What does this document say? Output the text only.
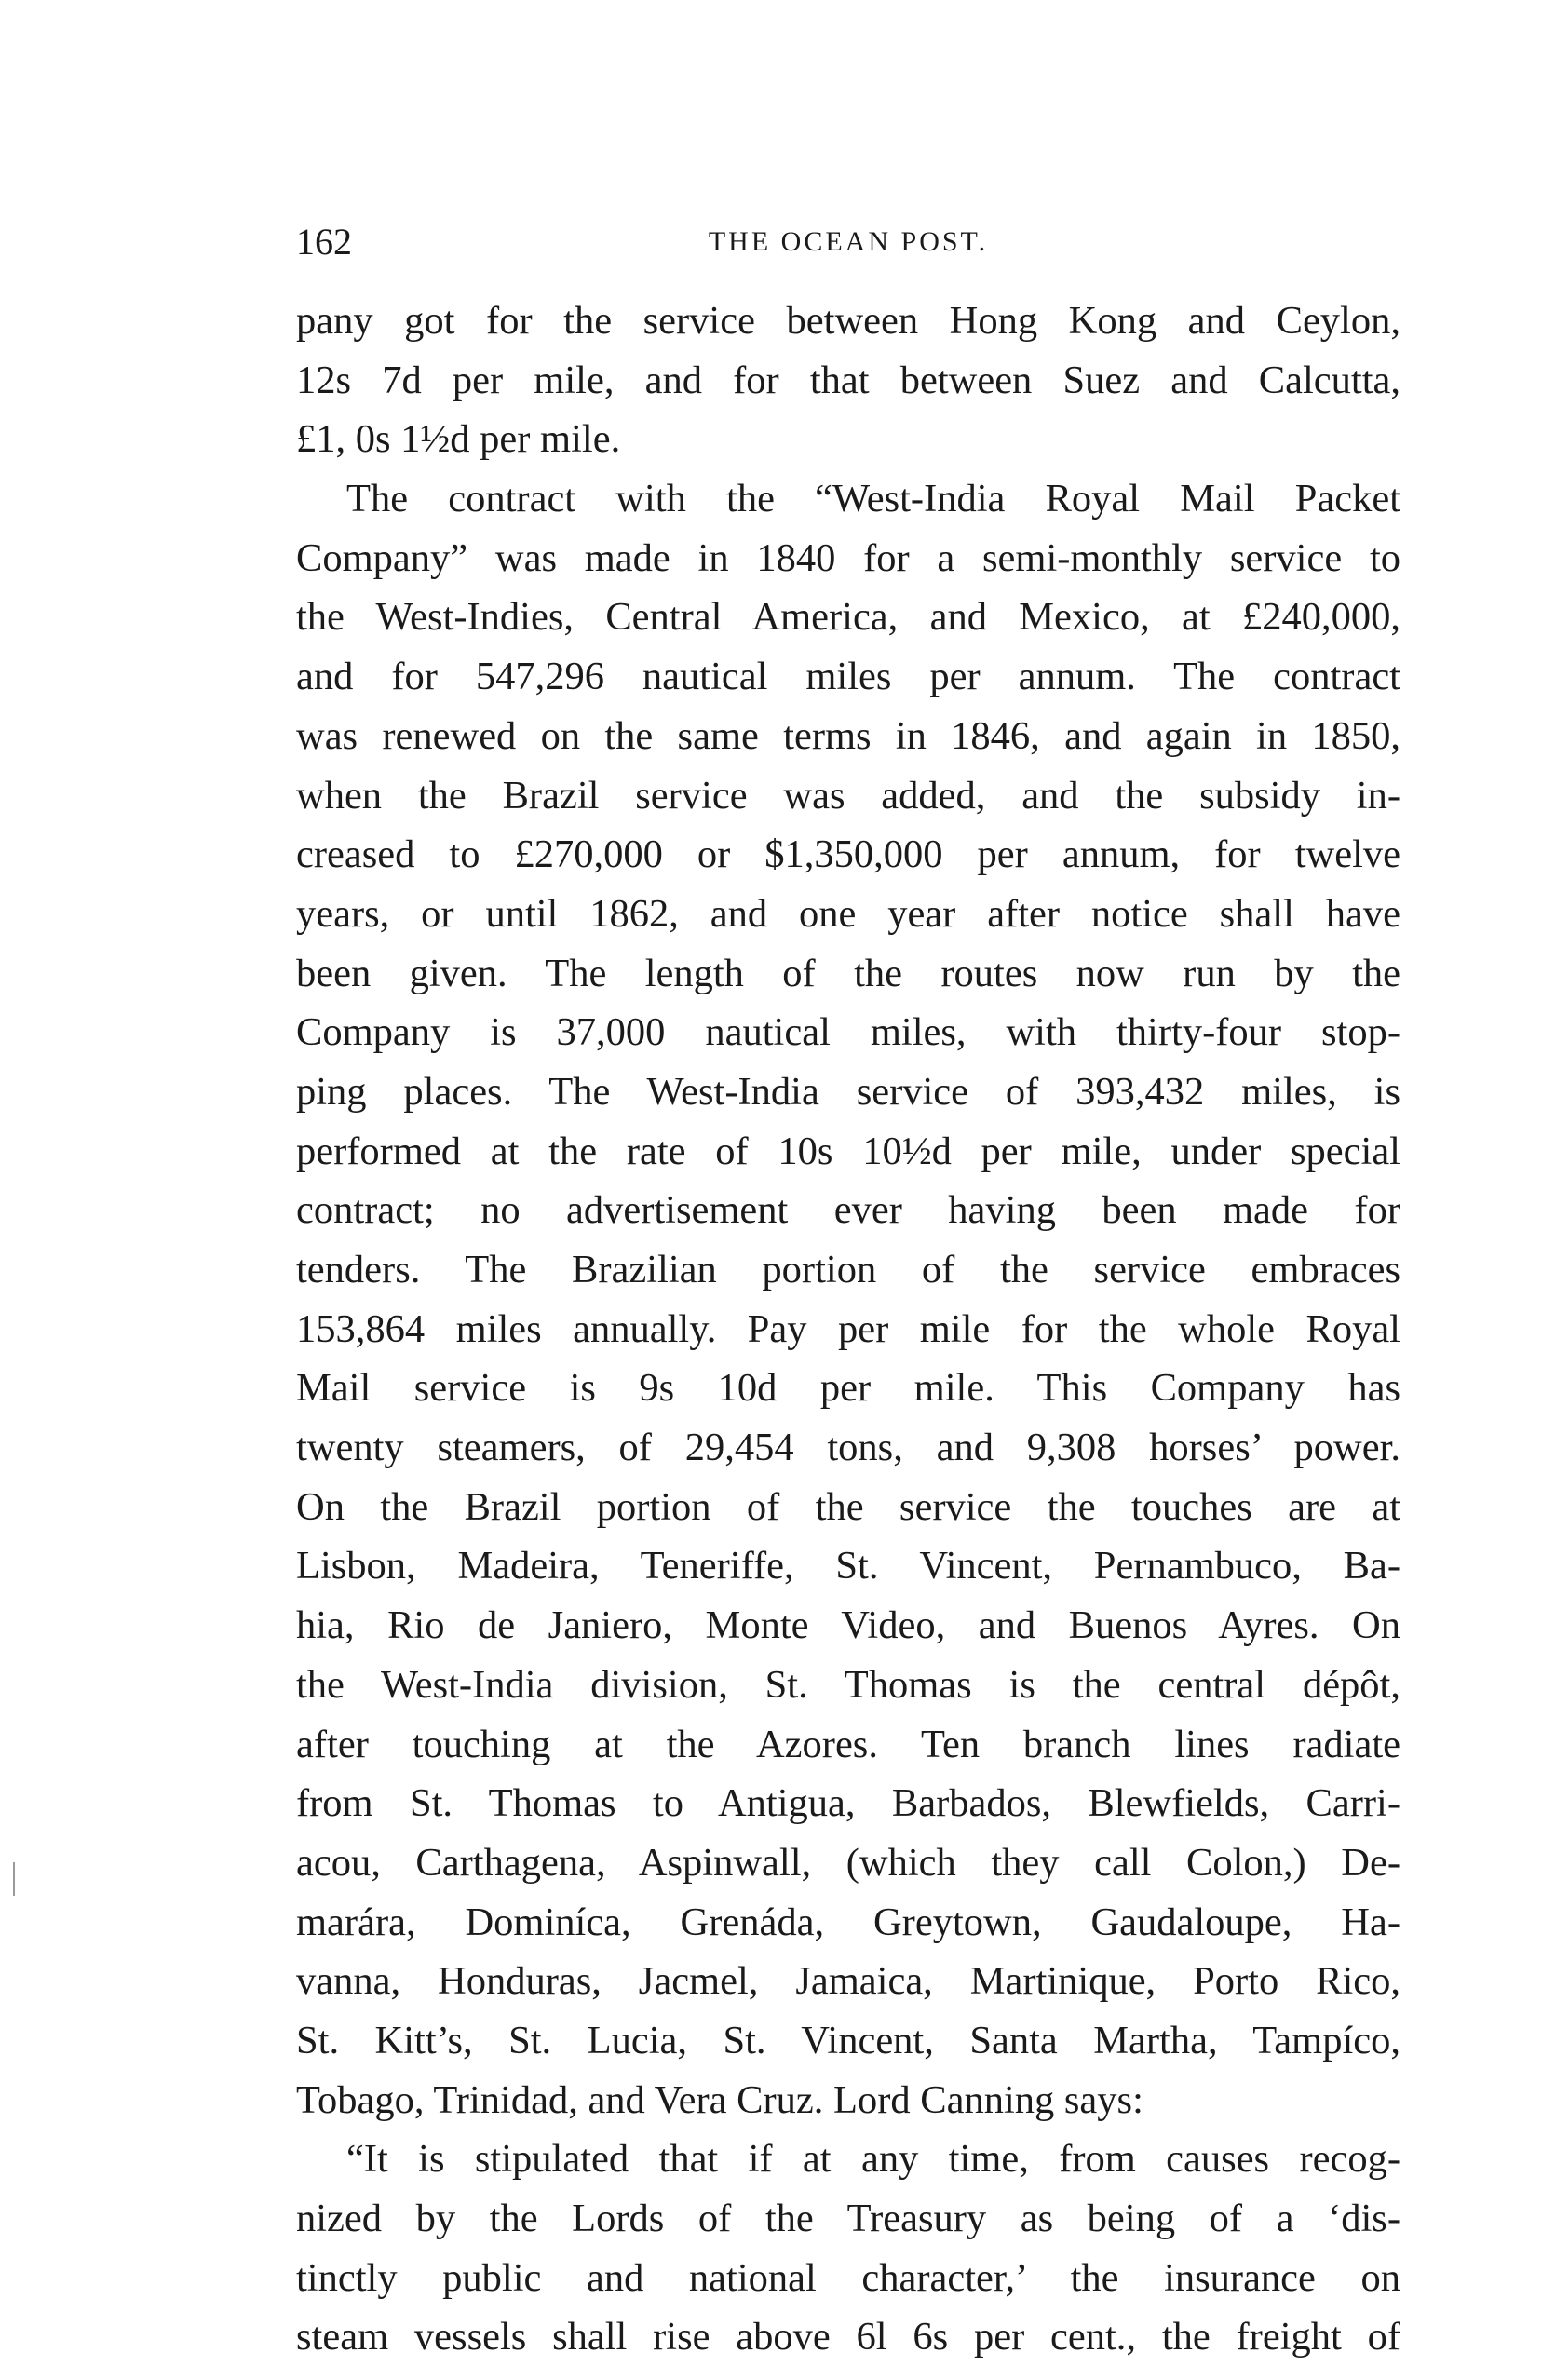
162	THE OCEAN POST.
pany got for the service between Hong Kong and Ceylon,
12s 7d per mile, and for that between Suez and Calcutta,
£1, 0s 1½d per mile.
The contract with the “West-India Royal Mail Packet
Company” was made in 1840 for a semi-monthly service to
the West-Indies, Central America, and Mexico, at £240,000,
and for 547,296 nautical miles per annum. The contract
was renewed on the same terms in 1846, and again in 1850,
when the Brazil service was added, and the subsidy in-
creased to £270,000 or $1,350,000 per annum, for twelve
years, or until 1862, and one year after notice shall have
been given. The length of the routes now run by the
Company is 37,000 nautical miles, with thirty-four stop-
ping places. The West-India service of 393,432 miles, is
performed at the rate of 10s 10½d per mile, under special
contract; no advertisement ever having been made for
tenders. The Brazilian portion of the service embraces
153,864 miles annually. Pay per mile for the whole Royal
Mail service is 9s 10d per mile. This Company has
twenty steamers, of 29,454 tons, and 9,308 horses’ power.
On the Brazil portion of the service the touches are at
Lisbon, Madeira, Teneriffe, St. Vincent, Pernambuco, Ba-
hia, Rio de Janiero, Monte Video, and Buenos Ayres. On
the West-India division, St. Thomas is the central dépôt,
after touching at the Azores. Ten branch lines radiate
from St. Thomas to Antigua, Barbados, Blewfields, Carri-
acou, Carthagena, Aspinwall, (which they call Colon,) De-
marára, Dominíca, Grenáda, Greytown, Gaudaloupe, Ha-
vanna, Honduras, Jacmel, Jamaica, Martinique, Porto Rico,
St. Kitt’s, St. Lucia, St. Vincent, Santa Martha, Tampíco,
Tobago, Trinidad, and Vera Cruz. Lord Canning says:
“It is stipulated that if at any time, from causes recog-
nized by the Lords of the Treasury as being of a ‘dis-
tinctly public and national character,’ the insurance on
steam vessels shall rise above 6l 6s per cent., the freight of
